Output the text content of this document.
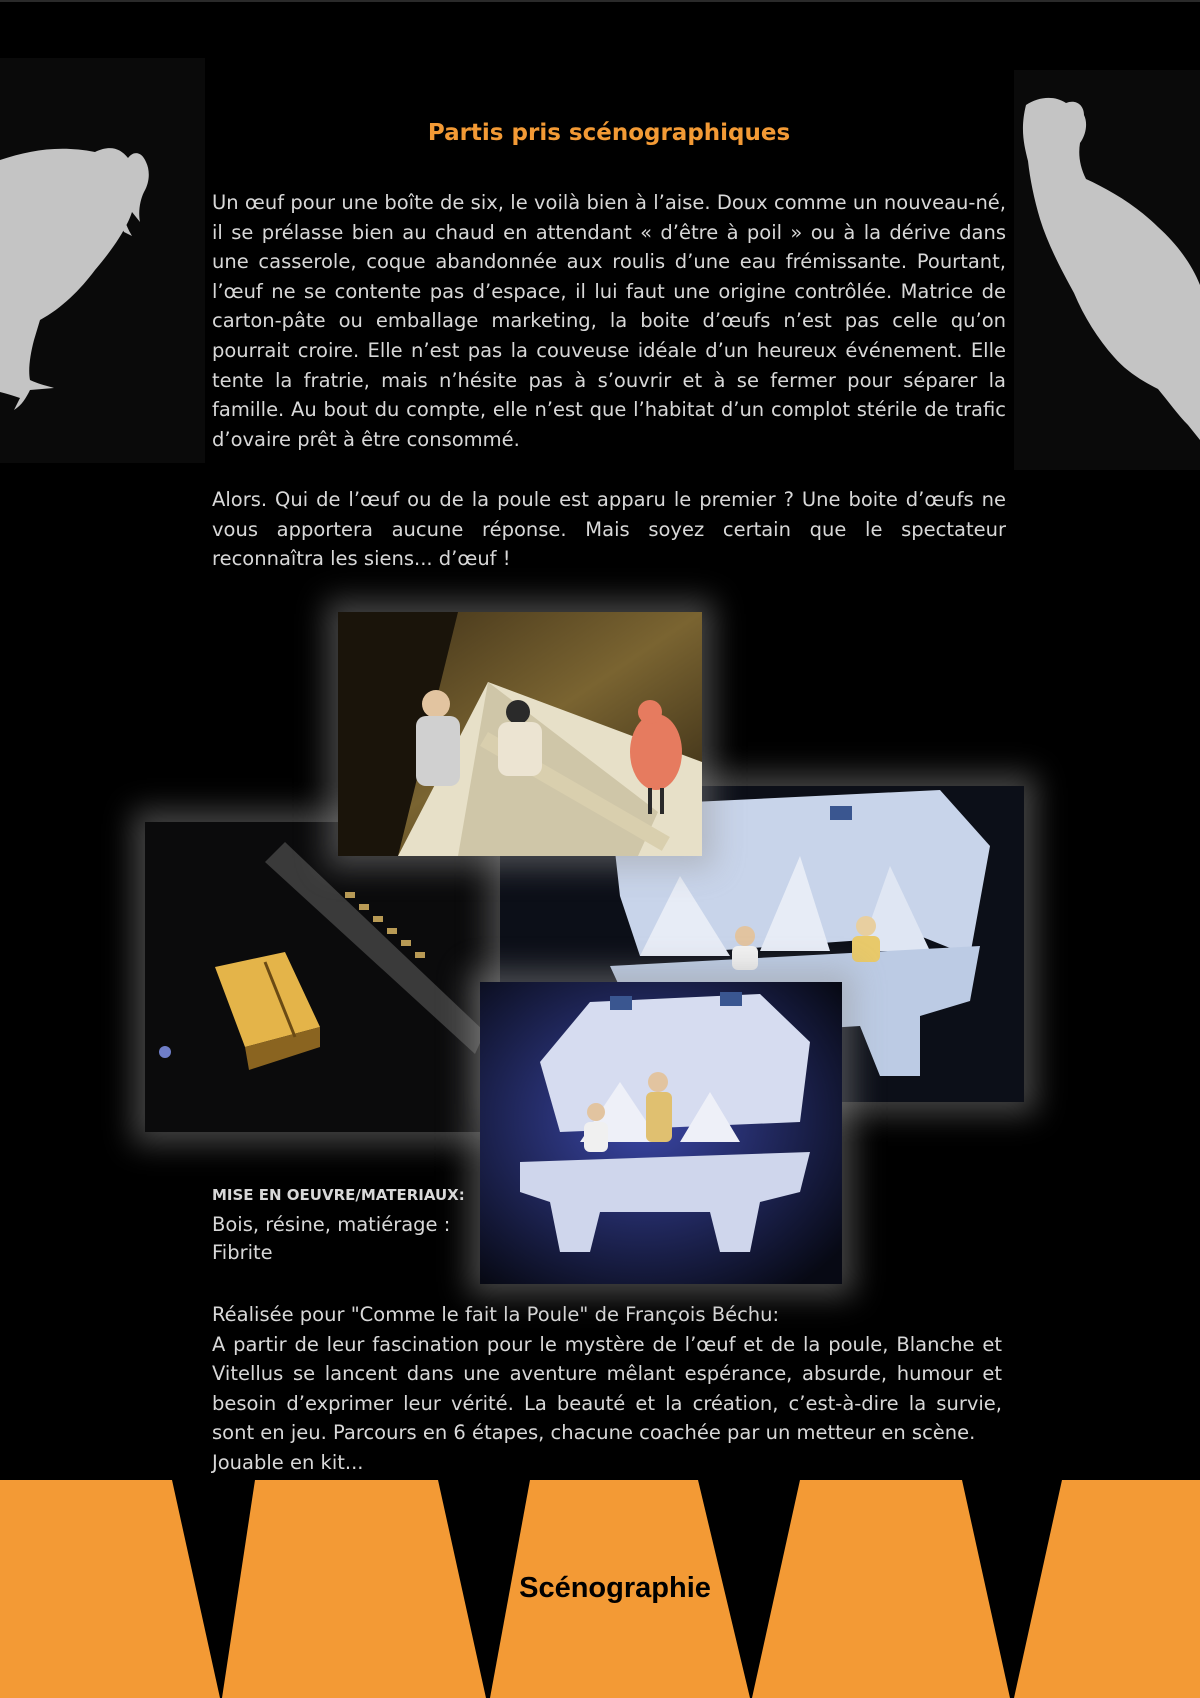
Partis pris scénographiques

Un œuf pour une boîte de six, le voilà bien à l’aise. Doux comme un nouveau-né, il se prélasse bien au chaud en attendant « d’être à poil » ou à la dérive dans une casserole, coque abandonnée aux roulis d’une eau frémissante. Pourtant, l’œuf ne se contente pas d’espace, il lui faut une origine contrôlée. Matrice de carton-pâte ou emballage marketing, la boite d’œufs n’est pas celle qu’on pourrait croire. Elle n’est pas la couveuse idéale d’un heureux événement. Elle tente la fratrie, mais n’hésite pas à s’ouvrir et à se fermer pour séparer la famille. Au bout du compte, elle n’est que l’habitat d’un complot stérile de trafic d’ovaire prêt à être consommé.

Alors. Qui de l’œuf ou de la poule est apparu le premier ? Une boite d’œufs ne vous apportera aucune réponse. Mais soyez certain que le spectateur reconnaîtra les siens... d’œuf !

MISE EN OEUVRE/MATERIAUX:
Bois, résine, matiérage :
Fibrite
Réalisée pour "Comme le fait la Poule" de François Béchu:
A partir de leur fascination pour le mystère de l’œuf et de la poule, Blanche et Vitellus se lancent dans une aventure mêlant espérance, absurde, humour et besoin d’exprimer leur vérité. La beauté et la création, c’est-à-dire la survie, sont en jeu. Parcours en 6 étapes, chacune coachée par un metteur en scène.
Jouable en kit...
Scénographie
